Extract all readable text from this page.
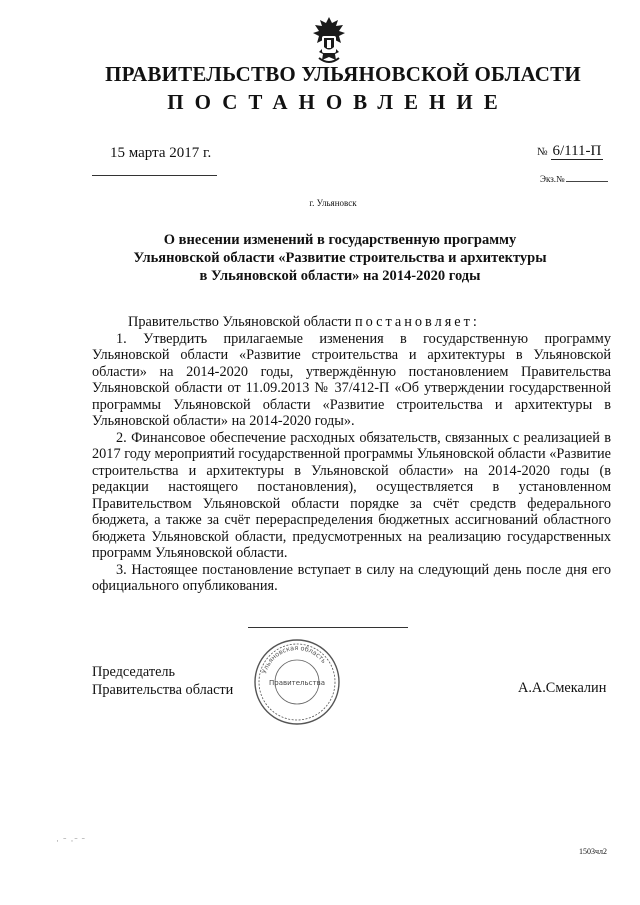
ПРАВИТЕЛЬСТВО УЛЬЯНОВСКОЙ ОБЛАСТИ
ПОСТАНОВЛЕНИЕ
15 марта 2017 г.	№ 6/111-П
Экз.№
г. Ульяновск
О внесении изменений в государственную программу
Ульяновской области «Развитие строительства и архитектуры
в Ульяновской области» на 2014-2020 годы

Правительство Ульяновской области постановляет:

1. Утвердить прилагаемые изменения в государственную программу Ульяновской области «Развитие строительства и архитектуры в Ульяновской области» на 2014-2020 годы, утверждённую постановлением Правительства Ульяновской области от 11.09.2013 № 37/412-П «Об утверждении государственной программы Ульяновской области «Развитие строительства и архитектуры в Ульяновской области» на 2014-2020 годы».

2. Финансовое обеспечение расходных обязательств, связанных с реализацией в 2017 году мероприятий государственной программы Ульяновской области «Развитие строительства и архитектуры в Ульяновской области» на 2014-2020 годы (в редакции настоящего постановления), осуществляется в установленном Правительством Ульяновской области порядке за счёт средств федерального бюджета, а также за счёт перераспределения бюджетных ассигнований областного бюджета Ульяновской области, предусмотренных на реализацию государственных программ Ульяновской области.

3. Настоящее постановление вступает в силу на следующий день после дня его официального опубликования.

Председатель
Правительства области
Ульяновская область
Правительства	А.А.Смекалин
· ˉ ·ˉ ˉ
1503чл2
